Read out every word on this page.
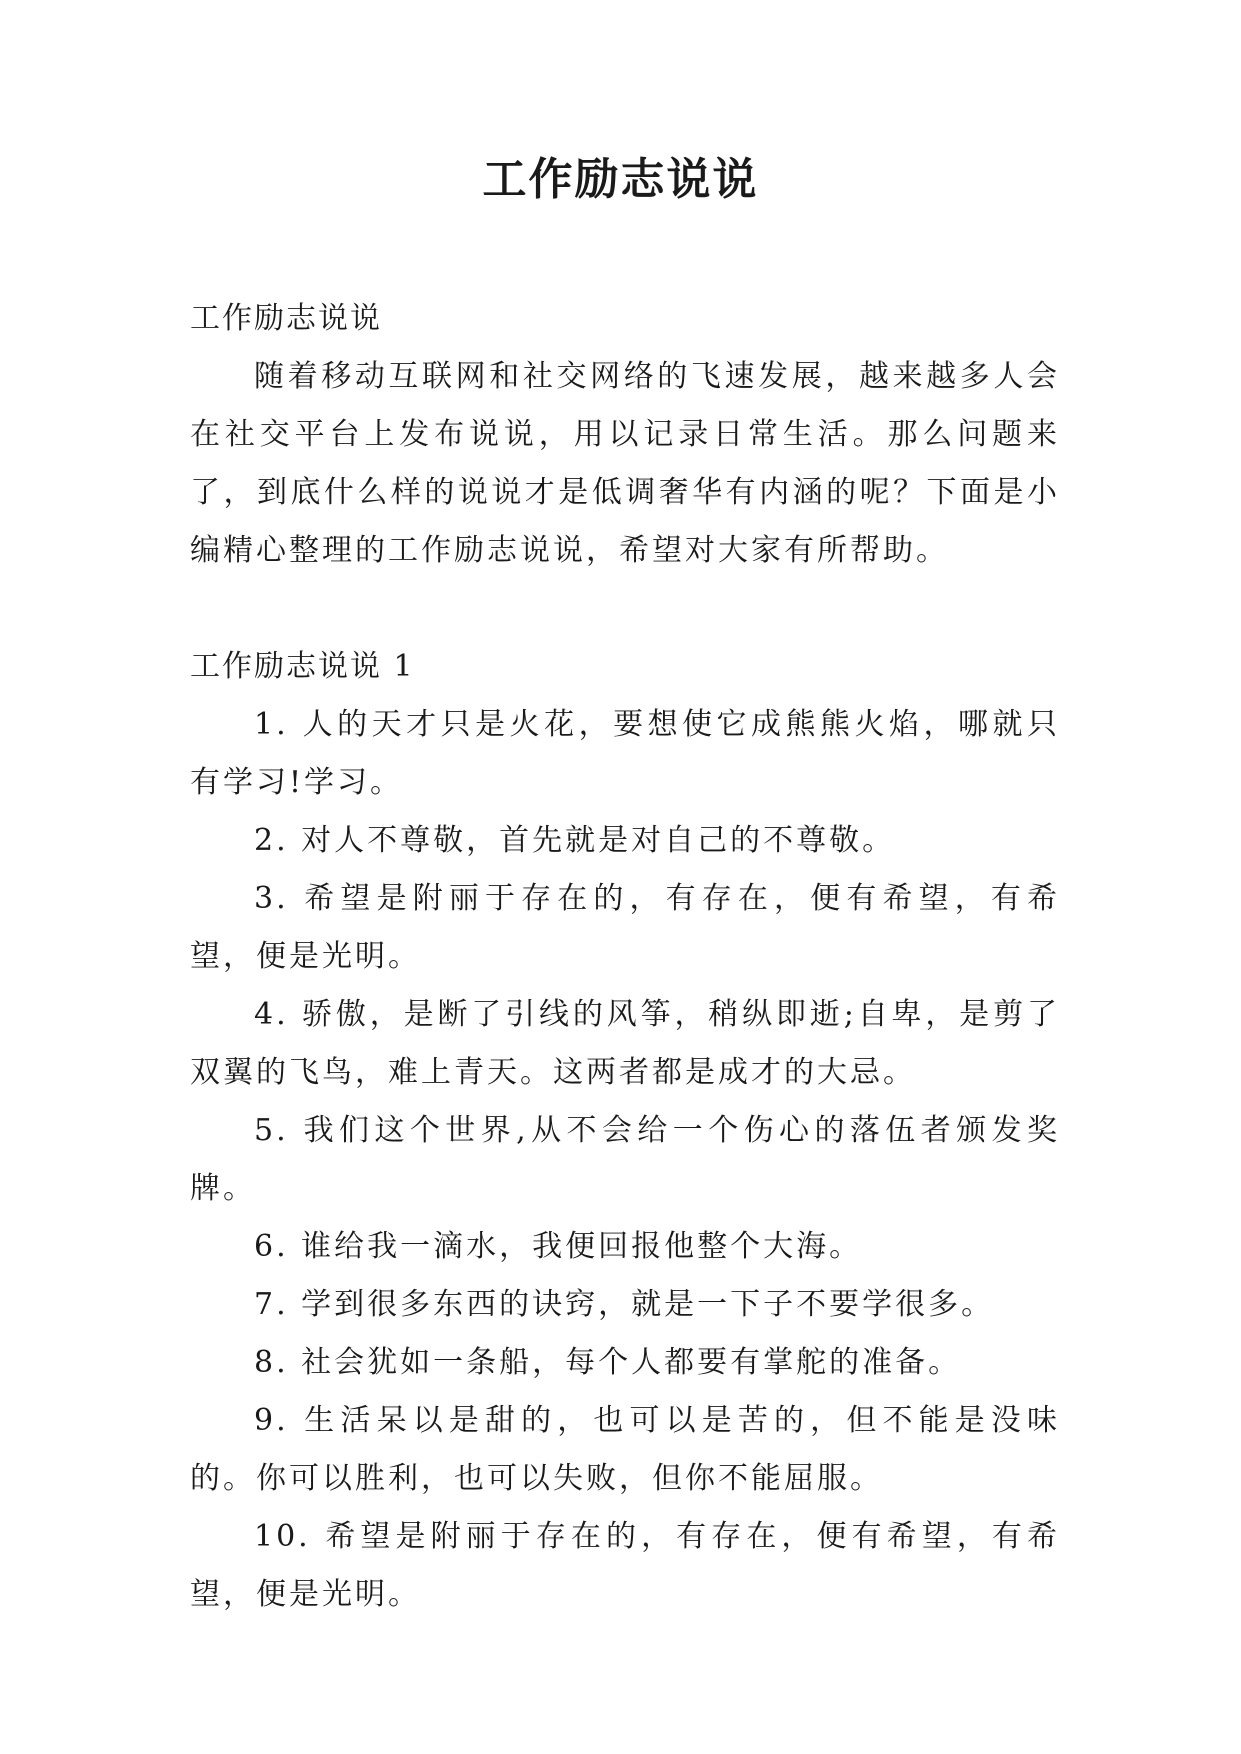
工作励志说说

工作励志说说

随着移动互联网和社交网络的飞速发展，越来越多人会在社交平台上发布说说，用以记录日常生活。那么问题来了，到底什么样的说说才是低调奢华有内涵的呢？下面是小编精心整理的工作励志说说，希望对大家有所帮助。

工作励志说说 1

1. 人的天才只是火花，要想使它成熊熊火焰，哪就只有学习!学习。

2. 对人不尊敬，首先就是对自己的不尊敬。

3. 希望是附丽于存在的，有存在，便有希望，有希望，便是光明。

4. 骄傲，是断了引线的风筝，稍纵即逝;自卑，是剪了双翼的飞鸟，难上青天。这两者都是成才的大忌。

5. 我们这个世界,从不会给一个伤心的落伍者颁发奖牌。

6. 谁给我一滴水，我便回报他整个大海。

7. 学到很多东西的诀窍，就是一下子不要学很多。

8. 社会犹如一条船，每个人都要有掌舵的准备。

9. 生活呆以是甜的，也可以是苦的，但不能是没味的。你可以胜利，也可以失败，但你不能屈服。

10. 希望是附丽于存在的，有存在，便有希望，有希望，便是光明。
